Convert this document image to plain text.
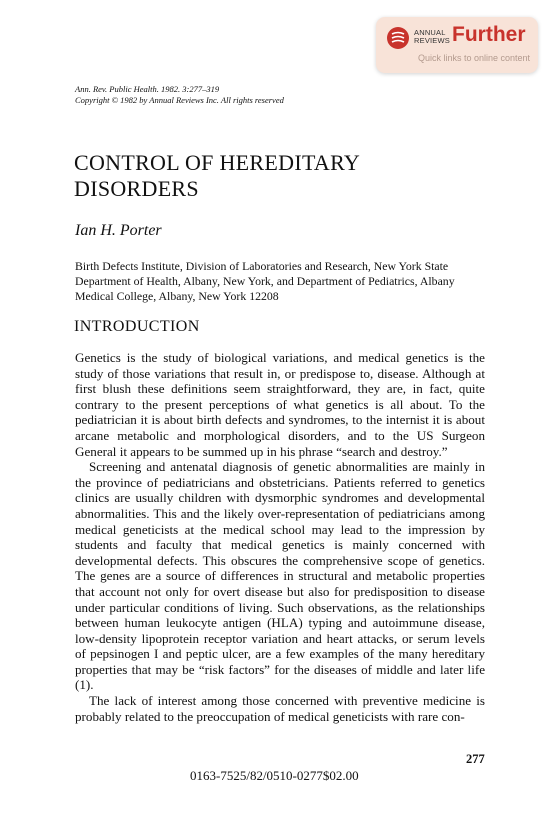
ANNUAL
REVIEWS Further
Quick links to online content
Ann. Rev. Public Health. 1982. 3:277–319
Copyright © 1982 by Annual Reviews Inc. All rights reserved
CONTROL OF HEREDITARY
DISORDERS
Ian H. Porter
Birth Defects Institute, Division of Laboratories and Research, New York State Department of Health, Albany, New York, and Department of Pediatrics, Albany Medical College, Albany, New York 12208
INTRODUCTION

Genetics is the study of biological variations, and medical genetics is the study of those variations that result in, or predispose to, disease. Although at first blush these definitions seem straightforward, they are, in fact, quite contrary to the present perceptions of what genetics is all about. To the pediatrician it is about birth defects and syndromes, to the internist it is about arcane metabolic and morphological disorders, and to the US Surgeon General it appears to be summed up in his phrase “search and destroy.”

Screening and antenatal diagnosis of genetic abnormalities are mainly in the province of pediatricians and obstetricians. Patients referred to genetics clinics are usually children with dysmorphic syndromes and developmental abnormalities. This and the likely over-representation of pediatricians among medical geneticists at the medical school may lead to the impression by students and faculty that medical genetics is mainly concerned with developmental defects. This obscures the comprehensive scope of genetics. The genes are a source of differences in structural and metabolic properties that account not only for overt disease but also for predisposition to disease under particular conditions of living. Such observations, as the relationships between human leukocyte antigen (HLA) typing and autoimmune disease, low-density lipoprotein receptor variation and heart attacks, or serum levels of pepsinogen I and peptic ulcer, are a few examples of the many hereditary properties that may be “risk factors” for the diseases of middle and later life (1).

The lack of interest among those concerned with preventive medicine is probably related to the preoccupation of medical geneticists with rare con-

277
0163-7525/82/0510-0277$02.00
